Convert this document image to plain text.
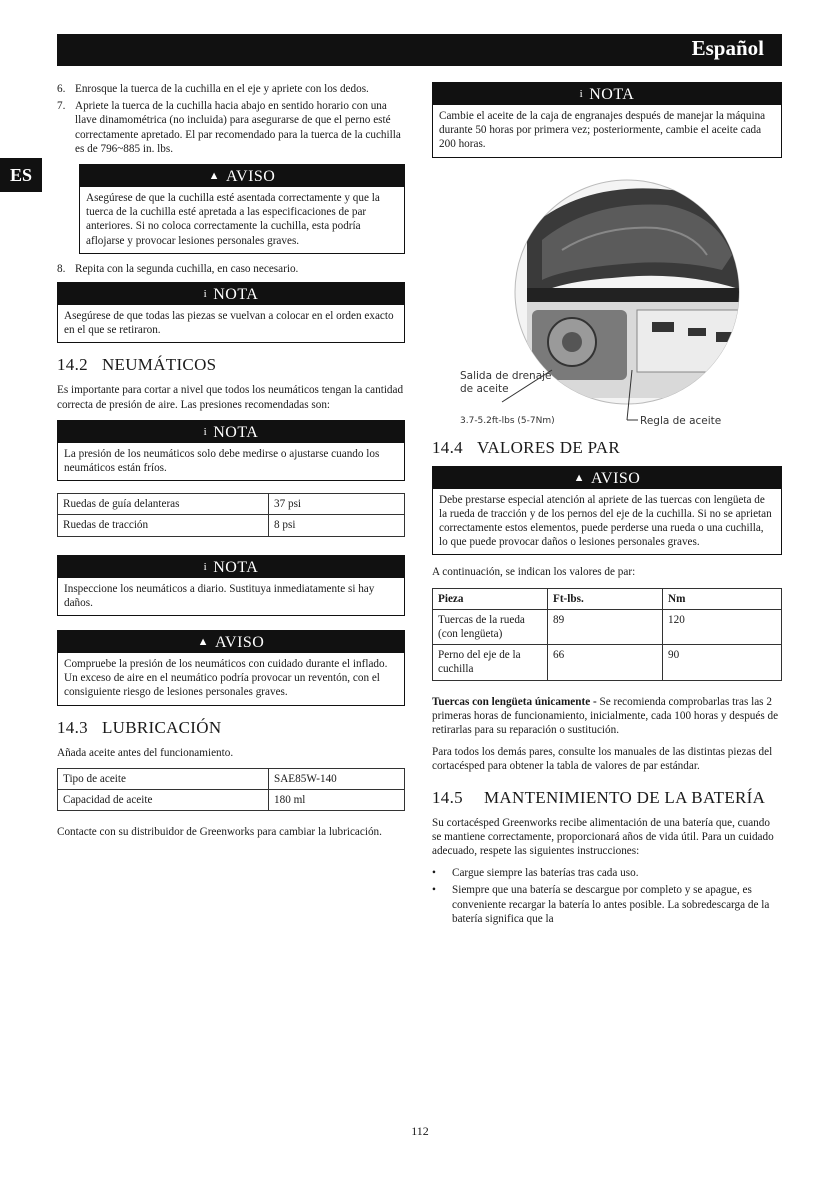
Español
ES
6. Enrosque la tuerca de la cuchilla en el eje y apriete con los dedos.
7. Apriete la tuerca de la cuchilla hacia abajo en sentido horario con una llave dinamométrica (no incluida) para asegurarse de que el perno esté correctamente apretado. El par recomendado para la tuerca de la cuchilla es de 796~885 in. lbs.
▲ AVISO
Asegúrese de que la cuchilla esté asentada correctamente y que la tuerca de la cuchilla esté apretada a las especificaciones de par anteriores. Si no coloca correctamente la cuchilla, esta podría aflojarse y provocar lesiones personales graves.
8. Repita con la segunda cuchilla, en caso necesario.
i NOTA
Asegúrese de que todas las piezas se vuelvan a colocar en el orden exacto en el que se retiraron.
14.2 NEUMÁTICOS

Es importante para cortar a nivel que todos los neumáticos tengan la cantidad correcta de presión de aire. Las presiones recomendadas son:

i NOTA
La presión de los neumáticos solo debe medirse o ajustarse cuando los neumáticos están fríos.
Ruedas de guía delanteras	37 psi
Ruedas de tracción	8 psi
i NOTA
Inspeccione los neumáticos a diario. Sustituya inmediatamente si hay daños.
▲ AVISO
Compruebe la presión de los neumáticos con cuidado durante el inflado. Un exceso de aire en el neumático podría provocar un reventón, con el consiguiente riesgo de lesiones personales graves.
14.3 LUBRICACIÓN

Añada aceite antes del funcionamiento.

Tipo de aceite	SAE85W-140
Capacidad de aceite	180 ml

Contacte con su distribuidor de Greenworks para cambiar la lubricación.

i NOTA
Cambie el aceite de la caja de engranajes después de manejar la máquina durante 50 horas por primera vez; posteriormente, cambie el aceite cada 200 horas.
Salida de drenaje de aceite
3.7-5.2ft-lbs (5-7Nm)	Regla de aceite
14.4 VALORES DE PAR
▲ AVISO
Debe prestarse especial atención al apriete de las tuercas con lengüeta de la rueda de tracción y de los pernos del eje de la cuchilla. Si no se aprietan correctamente estos elementos, puede perderse una rueda o una cuchilla, lo que puede provocar daños o lesiones personales graves.

A continuación, se indican los valores de par:

Pieza	Ft-lbs.	Nm
Tuercas de la rueda (con lengüeta)	89	120
Perno del eje de la cuchilla	66	90

Tuercas con lengüeta únicamente - Se recomienda comprobarlas tras las 2 primeras horas de funcionamiento, inicialmente, cada 100 horas y después de retirarlas para su reparación o sustitución.

Para todos los demás pares, consulte los manuales de las distintas piezas del cortacésped para obtener la tabla de valores de par estándar.

14.5 MANTENIMIENTO DE LA BATERÍA

Su cortacésped Greenworks recibe alimentación de una batería que, cuando se mantiene correctamente, proporcionará años de vida útil. Para un cuidado adecuado, respete las siguientes instrucciones:

• Cargue siempre las baterías tras cada uso.
• Siempre que una batería se descargue por completo y se apague, es conveniente recargar la batería lo antes posible. La sobredescarga de la batería significa que la
112
